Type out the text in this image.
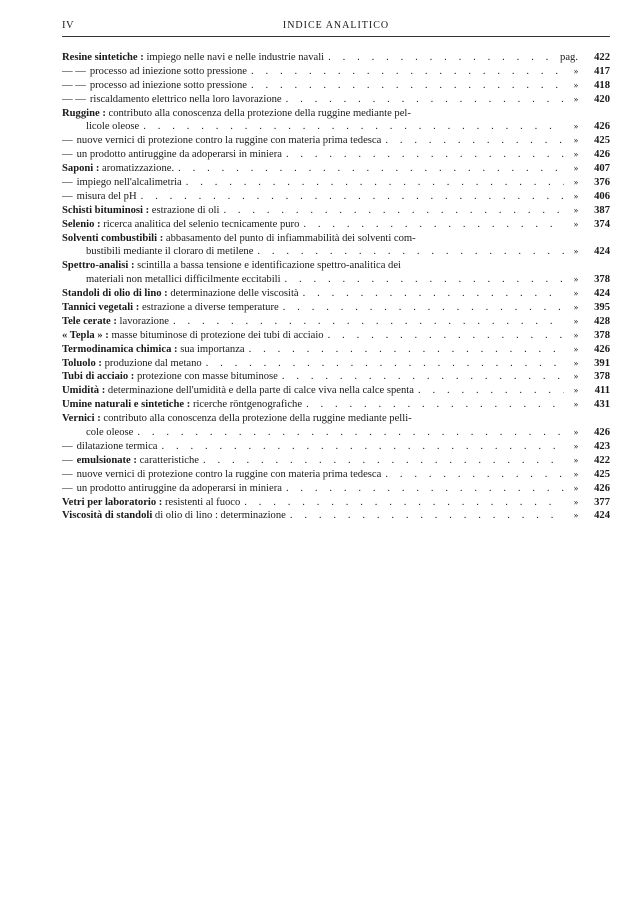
IV	INDICE ANALITICO
Resine sintetiche : impiego nelle navi e nelle industrie navali . . .	pag.	422
— — processo ad iniezione sotto pressione . . .	»	417
— — processo ad iniezione sotto pressione . . .	»	418
— — riscaldamento elettrico nella loro lavorazione . . .	»	420
Ruggine : contributo alla conoscenza della protezione della ruggine mediante pel-
licole oleose . . .	»	426
— nuove vernici di protezione contro la ruggine con materia prima tedesca . . .	»	425
— un prodotto antiruggine da adoperarsi in miniera . . .	»	426
Saponi : aromatizzazione. . . .	»	407
— impiego nell'alcalimetria . . .	»	376
— misura del pH . . .	»	406
Schisti bituminosi : estrazione di oli . . .	»	387
Selenio : ricerca analitica del selenio tecnicamente puro . . .	»	374
Solventi combustibili : abbasamento del punto di infiammabilità dei solventi com-
bustibili mediante il cloraro di metilene . . .	»	424
Spettro-analisi : scintilla a bassa tensione e identificazione spettro-analitica dei
materiali non metallici difficilmente eccitabili . . .	»	378
Standoli di olio di lino : determinazione delle viscosità . . .	»	424
Tannici vegetali : estrazione a diverse temperature . . .	»	395
Tele cerate : lavorazione . . .	»	428
« Tepla » : masse bituminose di protezione dei tubi di acciaio . . .	»	378
Termodinamica chimica : sua importanza . . .	»	426
Toluolo : produzione dal metano . . .	»	391
Tubi di acciaio : protezione con masse bituminose . . .	»	378
Umidità : determinazione dell'umidità e della parte di calce viva nella calce spenta . . .	»	411
Umine naturali e sintetiche : ricerche röntgenografiche . . .	»	431
Vernici : contributo alla conoscenza della protezione della ruggine mediante pelli-
cole oleose . . .	»	426
— dilatazione termica . . .	»	423
— emulsionate : caratteristiche . . .	»	422
— nuove vernici di protezione contro la ruggine con materia prima tedesca . . .	»	425
— un prodotto antiruggine da adoperarsi in miniera . . .	»	426
Vetri per laboratorio : resistenti al fuoco . . .	»	377
Viscosità di standoli di olio di lino : determinazione . . .	»	424
